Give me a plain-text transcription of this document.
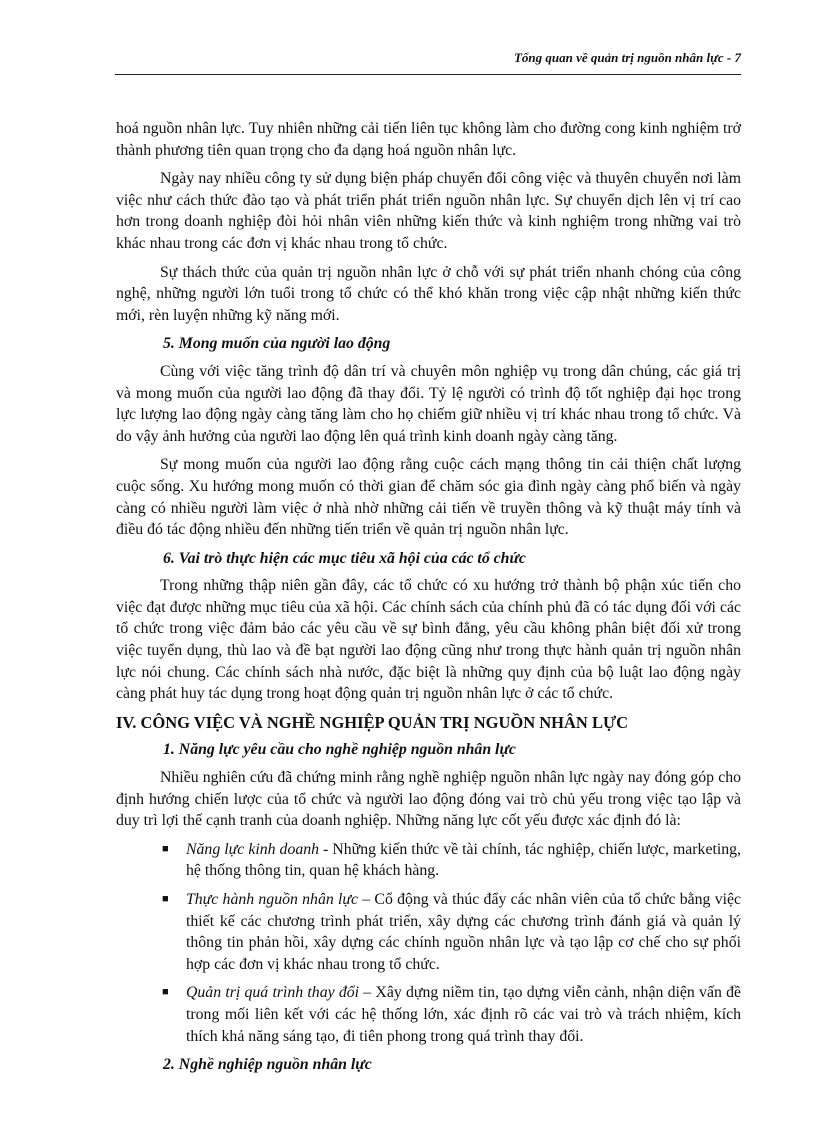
Tổng quan về quản trị nguồn nhân lực - 7

hoá nguồn nhân lực. Tuy nhiên những cải tiến liên tục không làm cho đường cong kinh nghiệm trở thành phương tiên quan trọng cho đa dạng hoá nguồn nhân lực.

Ngày nay nhiều công ty sử dụng biện pháp chuyển đổi công việc và thuyên chuyển nơi làm việc như cách thức đào tạo và phát triển phát triển nguồn nhân lực. Sự chuyển dịch lên vị trí cao hơn trong doanh nghiệp đòi hỏi nhân viên những kiến thức và kinh nghiệm trong những vai trò khác nhau trong các đơn vị khác nhau trong tổ chức.

Sự thách thức của quản trị nguồn nhân lực ở chỗ với sự phát triển nhanh chóng của công nghệ, những người lớn tuổi trong tổ chức có thể khó khăn trong việc cập nhật những kiến thức mới, rèn luyện những kỹ năng mới.

5. Mong muốn của người lao động

Cùng với việc tăng trình độ dân trí và chuyên môn nghiệp vụ trong dân chúng, các giá trị và mong muốn của người lao động đã thay đổi. Tỷ lệ người có trình độ tốt nghiệp đại học trong lực lượng lao động ngày càng tăng làm cho họ chiếm giữ nhiều vị trí khác nhau trong tổ chức. Và do vậy ảnh hưởng của người lao động lên quá trình kinh doanh ngày càng tăng.

Sự mong muốn của người lao động rằng cuộc cách mạng thông tin cải thiện chất lượng cuộc sống. Xu hướng mong muốn có thời gian để chăm sóc gia đình ngày càng phổ biến và ngày càng có nhiều người làm việc ở nhà nhờ những cải tiến về truyền thông và kỹ thuật máy tính và điều đó tác động nhiều đến những tiến triển về quản trị nguồn nhân lực.

6. Vai trò thực hiện các mục tiêu xã hội của các tổ chức

Trong những thập niên gần đây, các tổ chức có xu hướng trở thành bộ phận xúc tiến cho việc đạt được những mục tiêu của xã hội. Các chính sách của chính phủ đã có tác dụng đối với các tổ chức trong việc đảm bảo các yêu cầu về sự bình đẳng, yêu cầu không phân biệt đối xử trong việc tuyển dụng, thù lao và đề bạt người lao động cũng như trong thực hành quản trị nguồn nhân lực nói chung. Các chính sách nhà nước, đặc biệt là những quy định của bộ luật lao động ngày càng phát huy tác dụng trong hoạt động quản trị nguồn nhân lực ở các tổ chức.

IV. CÔNG VIỆC VÀ NGHỀ NGHIỆP QUẢN TRỊ NGUỒN NHÂN LỰC
1. Năng lực yêu cầu cho nghề nghiệp nguồn nhân lực

Nhiều nghiên cứu đã chứng minh rằng nghề nghiệp nguồn nhân lực ngày nay đóng góp cho định hướng chiến lược của tổ chức và người lao động đóng vai trò chủ yếu trong việc tạo lập và duy trì lợi thế cạnh tranh của doanh nghiệp. Những năng lực cốt yếu được xác định đó là:

■ Năng lực kinh doanh - Những kiến thức về tài chính, tác nghiệp, chiến lược, marketing, hệ thống thông tin, quan hệ khách hàng.
■ Thực hành nguồn nhân lực – Cổ động và thúc đẩy các nhân viên của tổ chức bằng việc thiết kế các chương trình phát triển, xây dựng các chương trình đánh giá và quản lý thông tin phản hồi, xây dựng các chính nguồn nhân lực và tạo lập cơ chế cho sự phối hợp các đơn vị khác nhau trong tổ chức.
■ Quản trị quá trình thay đổi – Xây dựng niềm tin, tạo dựng viễn cảnh, nhận diện vấn đề trong mối liên kết với các hệ thống lớn, xác định rõ các vai trò và trách nhiệm, kích thích khả năng sáng tạo, đi tiên phong trong quá trình thay đổi.
2. Nghề nghiệp nguồn nhân lực
